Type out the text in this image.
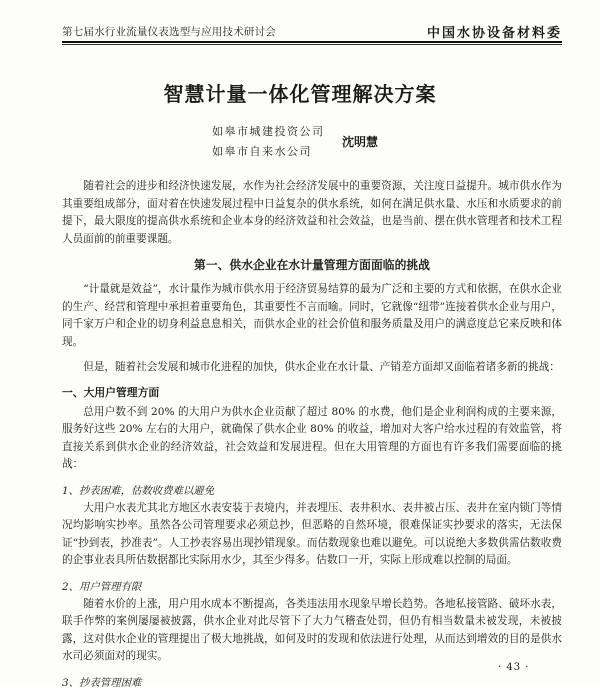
第七届水行业流量仪表选型与应用技术研讨会	中国水协设备材料委
智慧计量一体化管理解决方案
如皋市城建投资公司
如皋市自来水公司
沈明慧

随着社会的进步和经济快速发展，水作为社会经济发展中的重要资源，关注度日益提升。城市供水作为其重要组成部分，面对着在快速发展过程中日益复杂的供水系统，如何在满足供水量、水压和水质要求的前提下，最大限度的提高供水系统和企业本身的经济效益和社会效益，也是当前、摆在供水管理者和技术工程人员面前的前重要课题。

第一、供水企业在水计量管理方面面临的挑战

“计量就是效益”，水计量作为城市供水用于经济贸易结算的最为广泛和主要的方式和依据，在供水企业的生产、经营和管理中承担着重要角色，其重要性不言而喻。同时，它就像“纽带”连接着供水企业与用户，同千家万户和企业的切身利益息息相关，而供水企业的社会价值和服务质量及用户的满意度总它来反映和体现。

但是，随着社会发展和城市化进程的加快，供水企业在水计量、产销差方面却又面临着诸多新的挑战：

一、大用户管理方面

总用户数不到 20% 的大用户为供水企业贡献了超过 80% 的水费，他们是企业利润构成的主要来源，服务好这些 20% 左右的大用户，就确保了供水企业 80% 的收益，增加对大客户给水过程的有效监管，将直接关系到供水企业的经济效益，社会效益和发展进程。但在大用管理的方面也有许多我们需要面临的挑战：

1、抄表困难，估数收费难以避免

大用户水表尤其北方地区水表安装于表境内，并表埋压、表井积水、表井被占压、表井在室内锁门等情况均影响实抄率。虽然各公司管理要求必须总抄，但恶略的自然环境，很难保证实抄要求的落实，无法保证“抄到表，抄准表”。人工抄表容易出现抄错现象。而估数现象也难以避免。可以说绝大多数供需估数收费的企事业表具所估数据都比实际用水少，其至少得多。估数口一开，实际上形成难以控制的局面。

2、用户管理有限

随着水价的上涨，用户用水成本不断提高，各类违法用水现象早增长趋势。各地私接管路、破坏水表，联手作弊的案例屡屡被披露，供水企业对此尽管下了大力气稽查处罚，但仍有相当数量未被发现，未被披露，这对供水企业的管理提出了极大地挑战，如何及时的发现和依法进行处理，从而达到增效的目的是供水水司必须面对的现实。

3、抄表管理困难
· 43 ·
